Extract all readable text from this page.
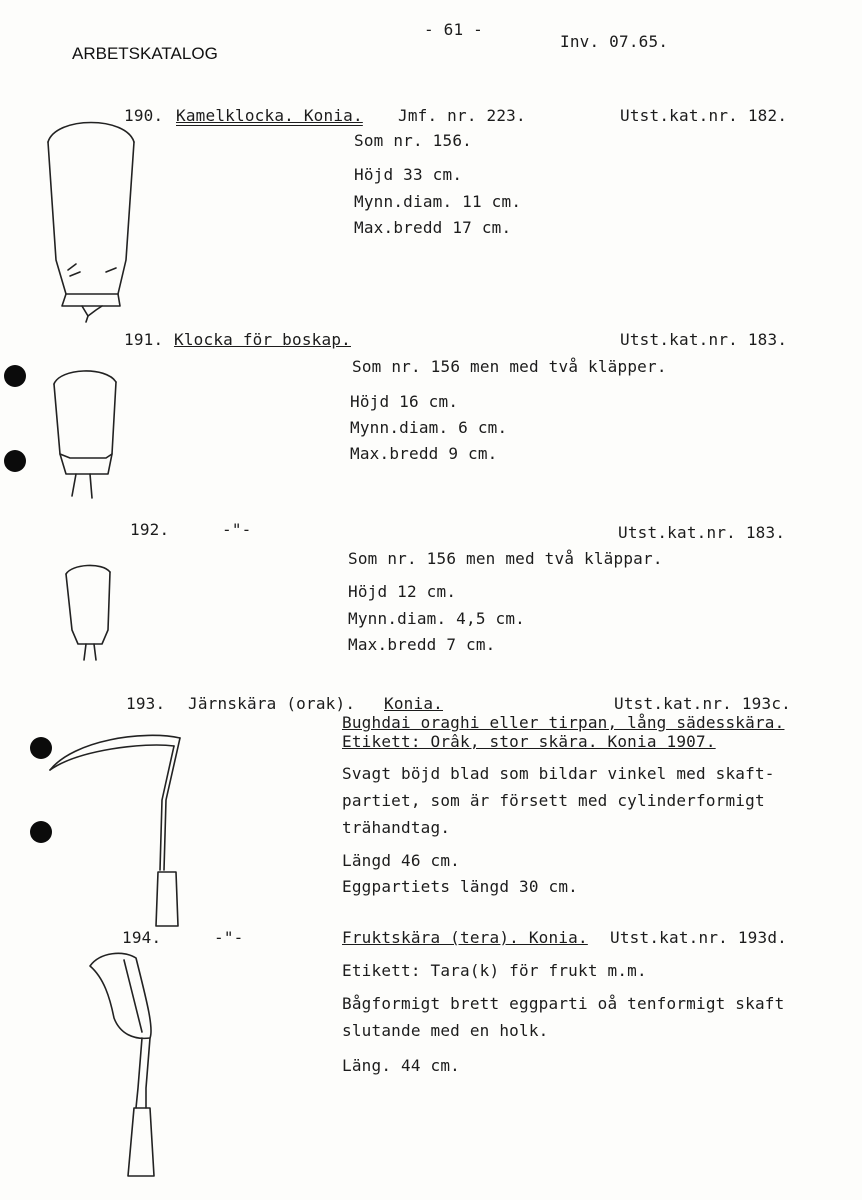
ARBETSKATALOG
- 61 -
Inv. 07.65.
190. Kamelklocka. Konia. Jmf. nr. 223.	Utst.kat.nr. 182.
Som nr. 156.
Höjd 33 cm.
Mynn.diam. 11 cm.
Max.bredd 17 cm.
191. Klocka för boskap.	Utst.kat.nr. 183.
Som nr. 156 men med två kläpper.
Höjd 16 cm.
Mynn.diam. 6 cm.
Max.bredd 9 cm.
192.	-"-	Utst.kat.nr. 183.
Som nr. 156 men med två kläppar.
Höjd 12 cm.
Mynn.diam. 4,5 cm.
Max.bredd 7 cm.
193. Järnskära (orak). Konia.	Utst.kat.nr. 193c.
Bughdai oraghi eller tirpan, lång sädesskära.
Etikett: Orâk, stor skära. Konia 1907.
Svagt böjd blad som bildar vinkel med skaft-
partiet, som är försett med cylinderformigt
trähandtag.
Längd 46 cm.
Eggpartiets längd 30 cm.
194.	-"-	Fruktskära (tera). Konia. Utst.kat.nr. 193d.
Etikett: Tara(k) för frukt m.m.
Bågformigt brett eggparti oå tenformigt skaft
slutande med en holk.
Läng. 44 cm.
